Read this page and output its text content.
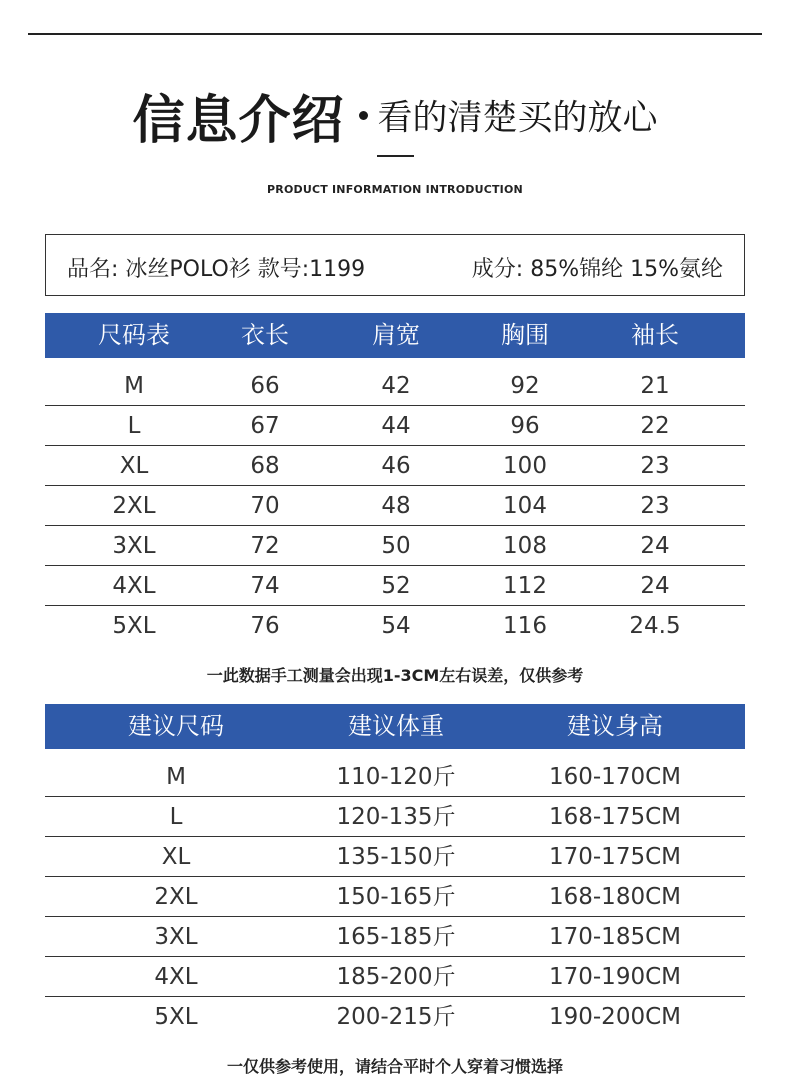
信息介绍 看的清楚买的放心
PRODUCT INFORMATION INTRODUCTION
品名: 冰丝POLO衫 款号:1199	成分: 85%锦纶 15%氨纶
尺码表	衣长	肩宽	胸围	袖长
M	66	42	92	21
L	67	44	96	22
XL	68	46	100	23
2XL	70	48	104	23
3XL	72	50	108	24
4XL	74	52	112	24
5XL	76	54	116	24.5
一此数据手工测量会出现1-3CM左右误差，仅供参考
建议尺码	建议体重	建议身高
M	110-120斤	160-170CM
L	120-135斤	168-175CM
XL	135-150斤	170-175CM
2XL	150-165斤	168-180CM
3XL	165-185斤	170-185CM
4XL	185-200斤	170-190CM
5XL	200-215斤	190-200CM
一仅供参考使用，请结合平时个人穿着习惯选择
